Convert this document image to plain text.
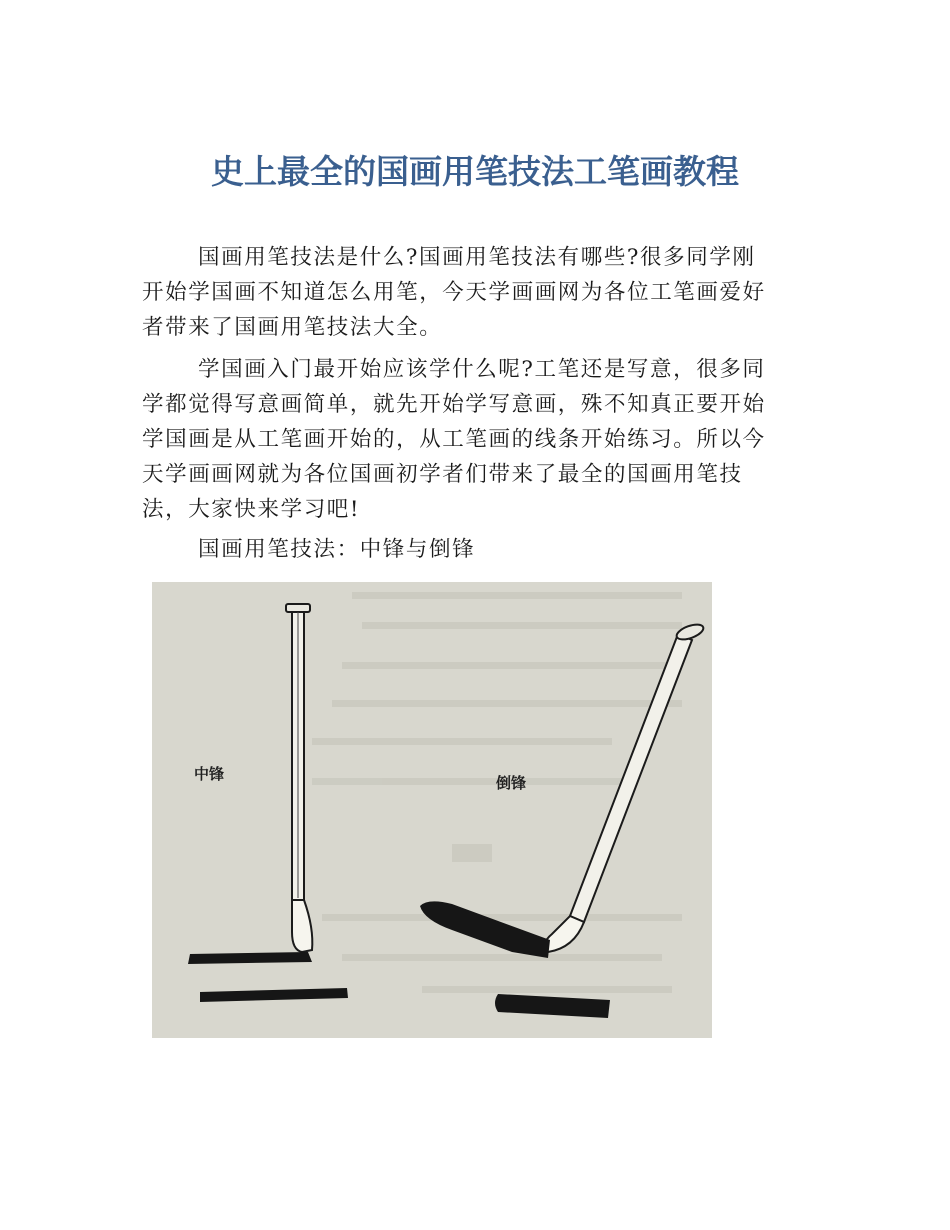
史上最全的国画用笔技法工笔画教程

国画用笔技法是什么?国画用笔技法有哪些?很多同学刚
开始学国画不知道怎么用笔，今天学画画网为各位工笔画爱好
者带来了国画用笔技法大全。

学国画入门最开始应该学什么呢?工笔还是写意，很多同
学都觉得写意画简单，就先开始学写意画，殊不知真正要开始
学国画是从工笔画开始的，从工笔画的线条开始练习。所以今
天学画画网就为各位国画初学者们带来了最全的国画用笔技
法，大家快来学习吧!

国画用笔技法：中锋与倒锋

中锋	倒锋
